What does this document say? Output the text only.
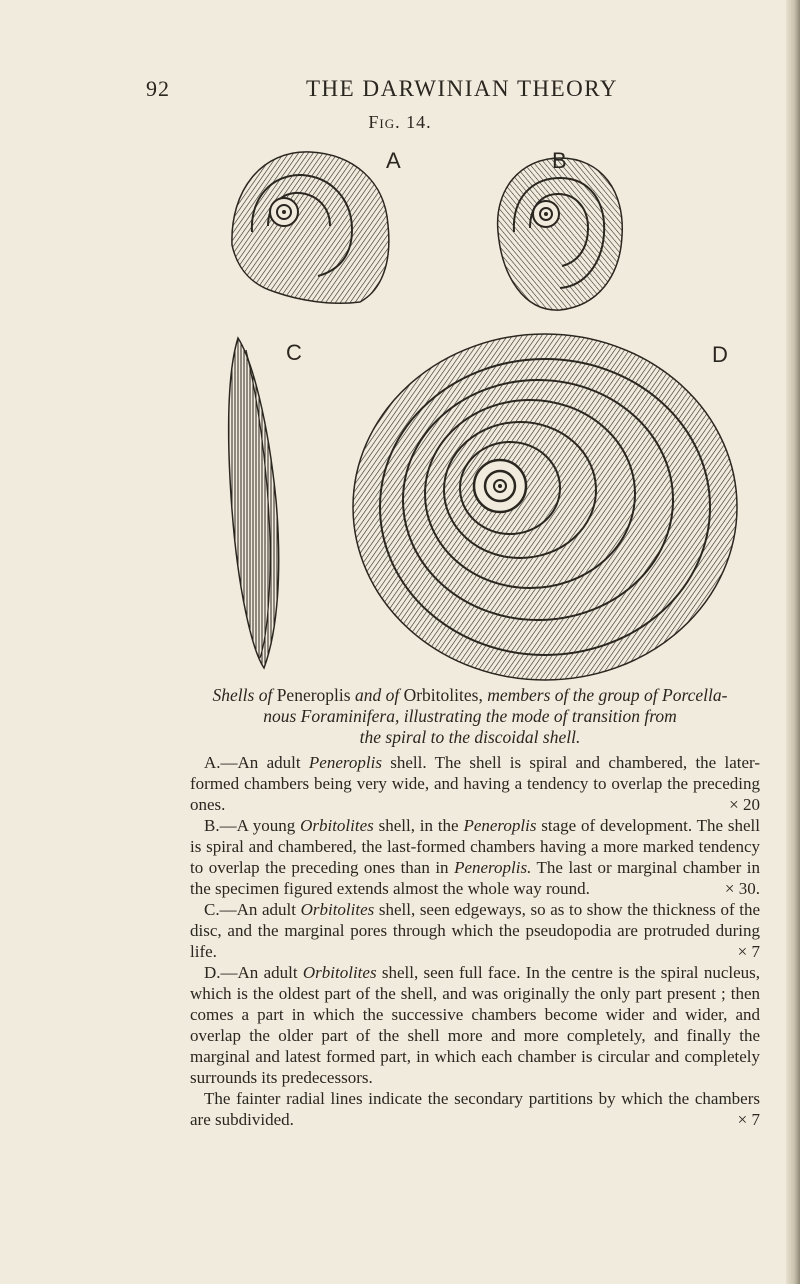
92	THE DARWINIAN THEORY
Fig. 14.
A	B
C	D
Shells of Peneroplis and of Orbitolites, members of the group of Porcella-
nous Foraminifera, illustrating the mode of transition from
the spiral to the discoidal shell.

A.—An adult Peneroplis shell. The shell is spiral and chambered, the later-formed chambers being very wide, and having a tendency to overlap the preceding ones.	× 20

B.—A young Orbitolites shell, in the Peneroplis stage of development. The shell is spiral and chambered, the last-formed chambers having a more marked tendency to overlap the preceding ones than in Peneroplis. The last or marginal chamber in the specimen figured extends almost the whole way round.	× 30.

C.—An adult Orbitolites shell, seen edgeways, so as to show the thickness of the disc, and the marginal pores through which the pseudopodia are protruded during life.	× 7

D.—An adult Orbitolites shell, seen full face. In the centre is the spiral nucleus, which is the oldest part of the shell, and was originally the only part present ; then comes a part in which the successive chambers become wider and wider, and overlap the older part of the shell more and more completely, and finally the marginal and latest formed part, in which each chamber is circular and completely surrounds its predecessors.

The fainter radial lines indicate the secondary partitions by which the chambers are subdivided.	× 7
